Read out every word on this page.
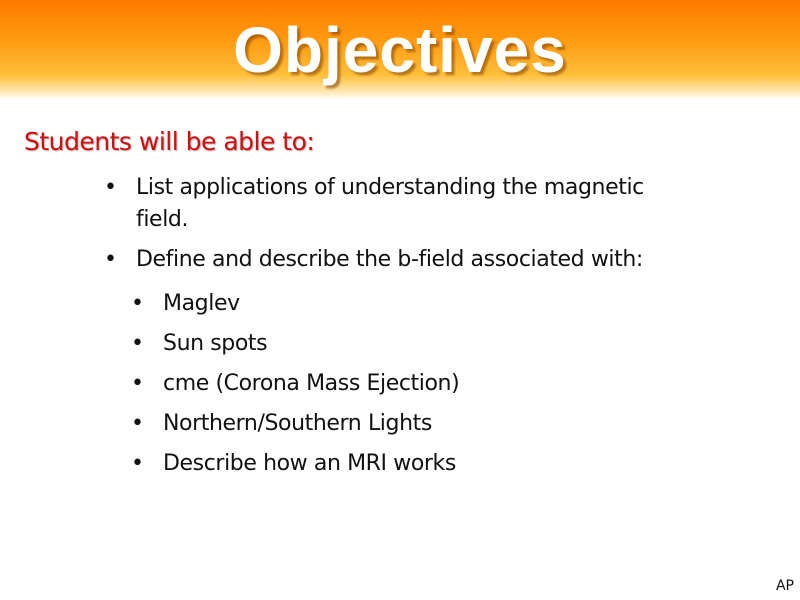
Objectives
Students will be able to:
• List applications of understanding the magnetic field.
• Define and describe the b-field associated with:
• Maglev
• Sun spots
• cme (Corona Mass Ejection)
• Northern/Southern Lights
• Describe how an MRI works
AP
